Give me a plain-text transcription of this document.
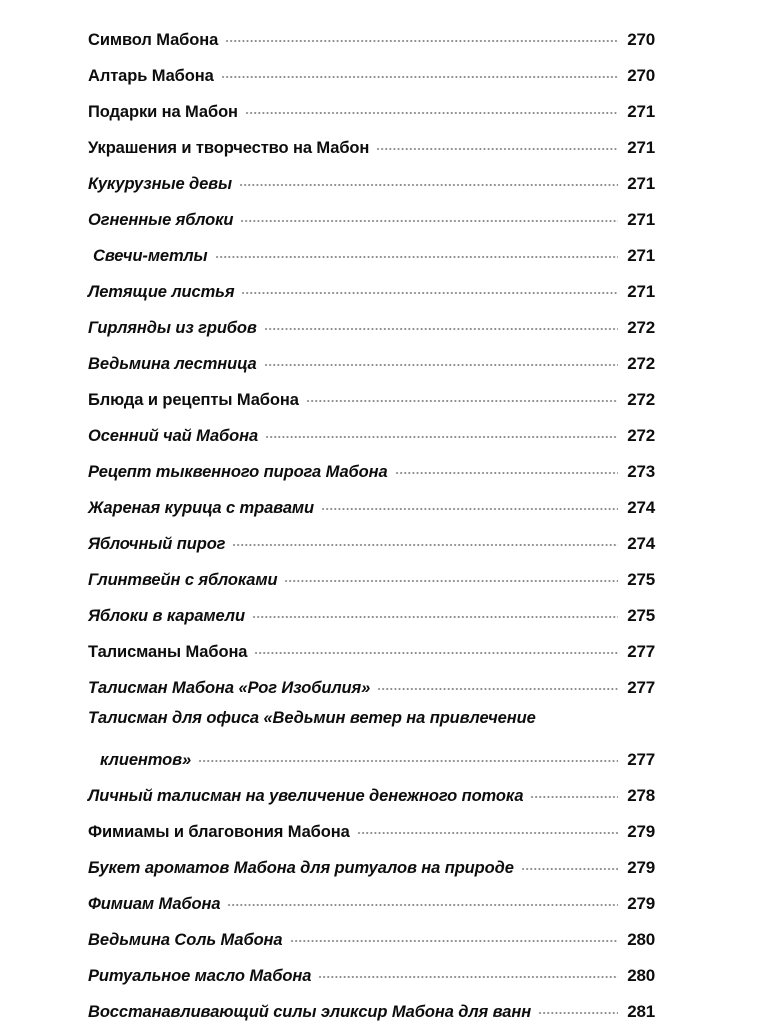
Символ Мабона	270
Алтарь Мабона	270
Подарки на Мабон	271
Украшения и творчество на Мабон	271
Кукурузные девы	271
Огненные яблоки	271
Свечи-метлы	271
Летящие листья	271
Гирлянды из грибов	272
Ведьмина лестница	272
Блюда и рецепты Мабона	272
Осенний чай Мабона	272
Рецепт тыквенного пирога Мабона	273
Жареная курица с травами	274
Яблочный пирог	274
Глинтвейн с яблоками	275
Яблоки в карамели	275
Талисманы Мабона	277
Талисман Мабона «Рог Изобилия»	277
Талисман для офиса «Ведьмин ветер на привлечение
клиентов»	277
Личный талисман на увеличение денежного потока	278
Фимиамы и благовония Мабона	279
Букет ароматов Мабона для ритуалов на природе	279
Фимиам Мабона	279
Ведьмина Соль Мабона	280
Ритуальное масло Мабона	280
Восстанавливающий силы эликсир Мабона для ванн	281
